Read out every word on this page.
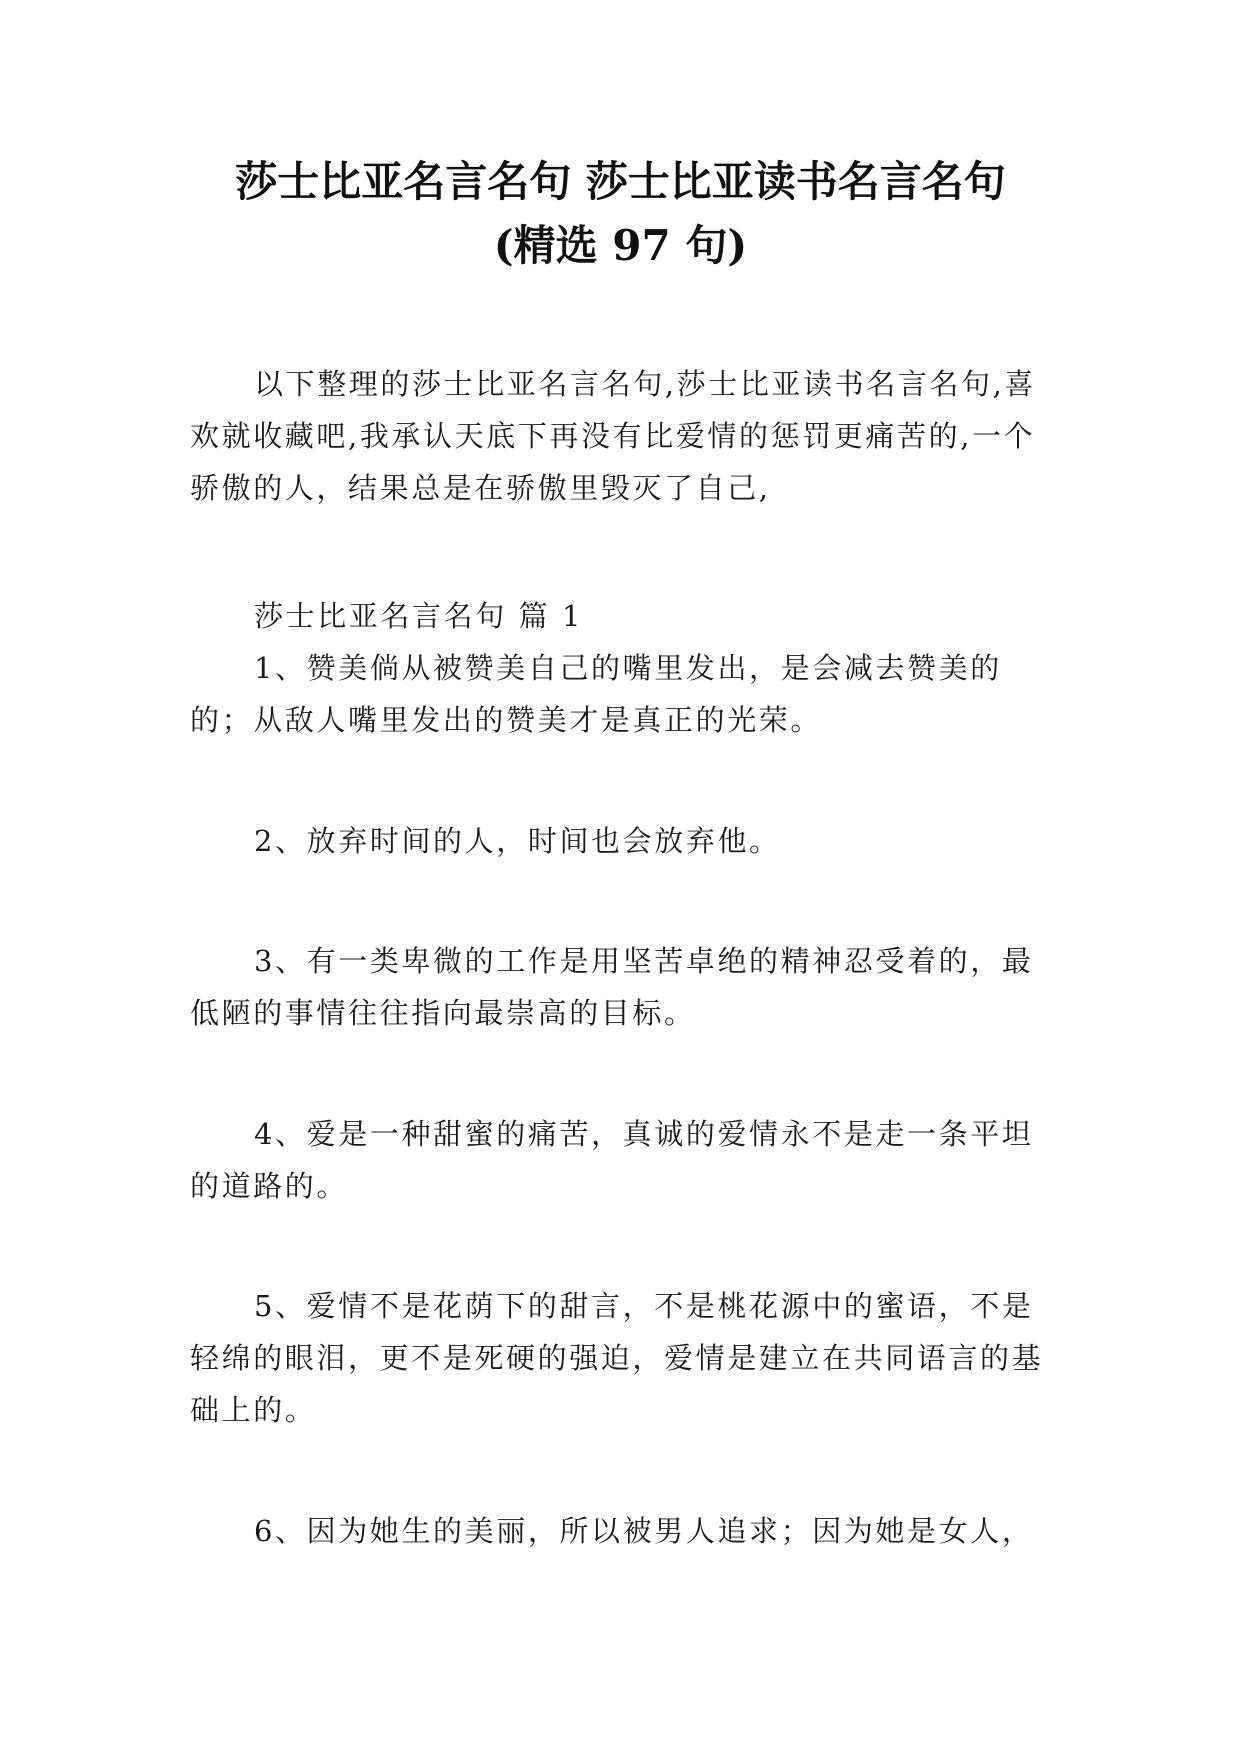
莎士比亚名言名句 莎士比亚读书名言名句
(精选 97 句)

以下整理的莎士比亚名言名句,莎士比亚读书名言名句,喜欢就收藏吧,我承认天底下再没有比爱情的惩罚更痛苦的,一个骄傲的人，结果总是在骄傲里毁灭了自己,

莎士比亚名言名句 篇 1

1、赞美倘从被赞美自己的嘴里发出，是会减去赞美的的；从敌人嘴里发出的赞美才是真正的光荣。

2、放弃时间的人，时间也会放弃他。

3、有一类卑微的工作是用坚苦卓绝的精神忍受着的，最低陋的事情往往指向最崇高的目标。

4、爱是一种甜蜜的痛苦，真诚的爱情永不是走一条平坦的道路的。

5、爱情不是花荫下的甜言，不是桃花源中的蜜语，不是轻绵的眼泪，更不是死硬的强迫，爱情是建立在共同语言的基础上的。

6、因为她生的美丽，所以被男人追求；因为她是女人，
